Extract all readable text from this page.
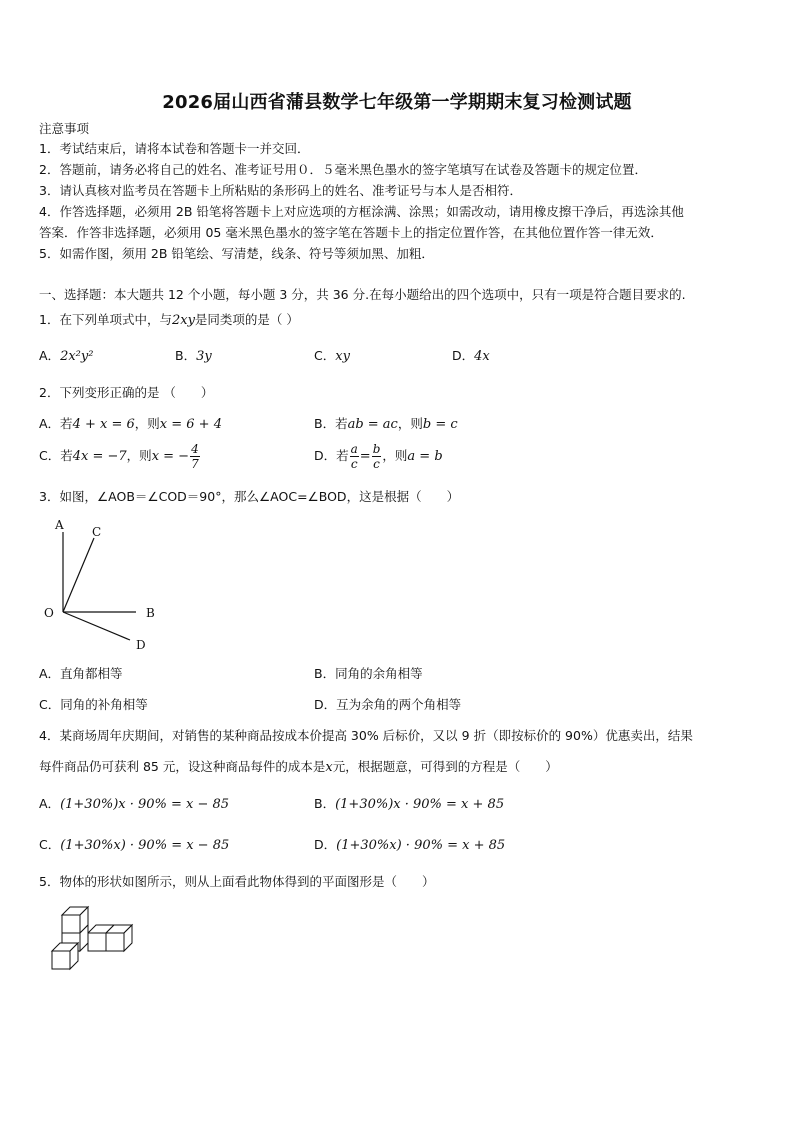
2026届山西省蒲县数学七年级第一学期期末复习检测试题
注意事项
1．考试结束后，请将本试卷和答题卡一并交回．
2．答题前，请务必将自己的姓名、准考证号用０．５毫米黑色墨水的签字笔填写在试卷及答题卡的规定位置．
3．请认真核对监考员在答题卡上所粘贴的条形码上的姓名、准考证号与本人是否相符．
4．作答选择题，必须用 2B 铅笔将答题卡上对应选项的方框涂满、涂黑；如需改动，请用橡皮擦干净后，再选涂其他
答案．作答非选择题，必须用 05 毫米黑色墨水的签字笔在答题卡上的指定位置作答，在其他位置作答一律无效．
5．如需作图，须用 2B 铅笔绘、写清楚，线条、符号等须加黑、加粗．
一、选择题：本大题共 12 个小题，每小题 3 分，共 36 分.在每小题给出的四个选项中，只有一项是符合题目要求的.
1．在下列单项式中，与2xy是同类项的是（ ）
A．2x²y²	B．3y	C．xy	D．4x
2．下列变形正确的是 （　　）
A．若4 + x = 6，则x = 6 + 4	B．若ab = ac，则b = c
C．若4x = −7，则x = − $\frac{4}{7}$	D．若 $\frac{a}{c} = \frac{b}{c}$ ，则a = b
3．如图，∠AOB＝∠COD＝90°，那么∠AOC=∠BOD，这是根据（　　）
A C
O	B
D
A．直角都相等	B．同角的余角相等
C．同角的补角相等	D．互为余角的两个角相等
4．某商场周年庆期间，对销售的某种商品按成本价提高 30% 后标价，又以 9 折（即按标价的 90%）优惠卖出，结果
每件商品仍可获利 85 元，设这种商品每件的成本是x元，根据题意，可得到的方程是（　　）
A．(1+30%)x · 90% = x − 85	B．(1+30%)x · 90% = x + 85
C．(1+30%x) · 90% = x − 85	D．(1+30%x) · 90% = x + 85
5．物体的形状如图所示，则从上面看此物体得到的平面图形是（　　）
